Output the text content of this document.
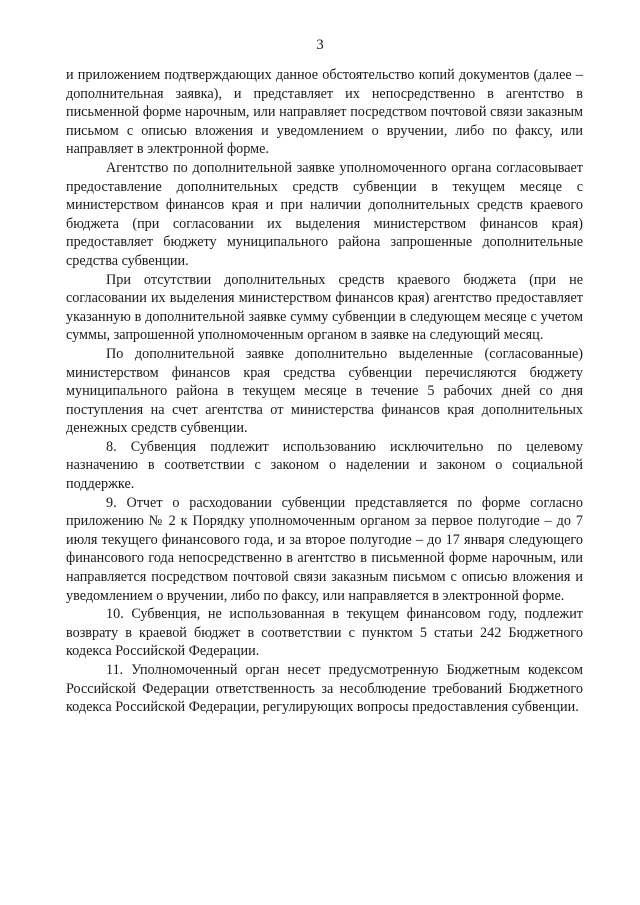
3

и приложением подтверждающих данное обстоятельство копий документов (далее – дополнительная заявка), и представляет их непосредственно в агентство в письменной форме нарочным, или направляет посредством почтовой связи заказным письмом с описью вложения и уведомлением о вручении, либо по факсу, или направляет в электронной форме.

Агентство по дополнительной заявке уполномоченного органа согласовывает предоставление дополнительных средств субвенции в текущем месяце с министерством финансов края и при наличии дополнительных средств краевого бюджета (при согласовании их выделения министерством финансов края) предоставляет бюджету муниципального района запрошенные дополнительные средства субвенции.

При отсутствии дополнительных средств краевого бюджета (при не согласовании их выделения министерством финансов края) агентство предоставляет указанную в дополнительной заявке сумму субвенции в следующем месяце с учетом суммы, запрошенной уполномоченным органом в заявке на следующий месяц.

По дополнительной заявке дополнительно выделенные (согласованные) министерством финансов края средства субвенции перечисляются бюджету муниципального района в текущем месяце в течение 5 рабочих дней со дня поступления на счет агентства от министерства финансов края дополнительных денежных средств субвенции.

8. Субвенция подлежит использованию исключительно по целевому назначению в соответствии с законом о наделении и законом о социальной поддержке.

9. Отчет о расходовании субвенции представляется по форме согласно приложению № 2 к Порядку уполномоченным органом за первое полугодие – до 7 июля текущего финансового года, и за второе полугодие – до 17 января следующего финансового года непосредственно в агентство в письменной форме нарочным, или направляется посредством почтовой связи заказным письмом с описью вложения и уведомлением о вручении, либо по факсу, или направляется в электронной форме.

10. Субвенция, не использованная в текущем финансовом году, подлежит возврату в краевой бюджет в соответствии с пунктом 5 статьи 242 Бюджетного кодекса Российской Федерации.

11. Уполномоченный орган несет предусмотренную Бюджетным кодексом Российской Федерации ответственность за несоблюдение требований Бюджетного кодекса Российской Федерации, регулирующих вопросы предоставления субвенции.
